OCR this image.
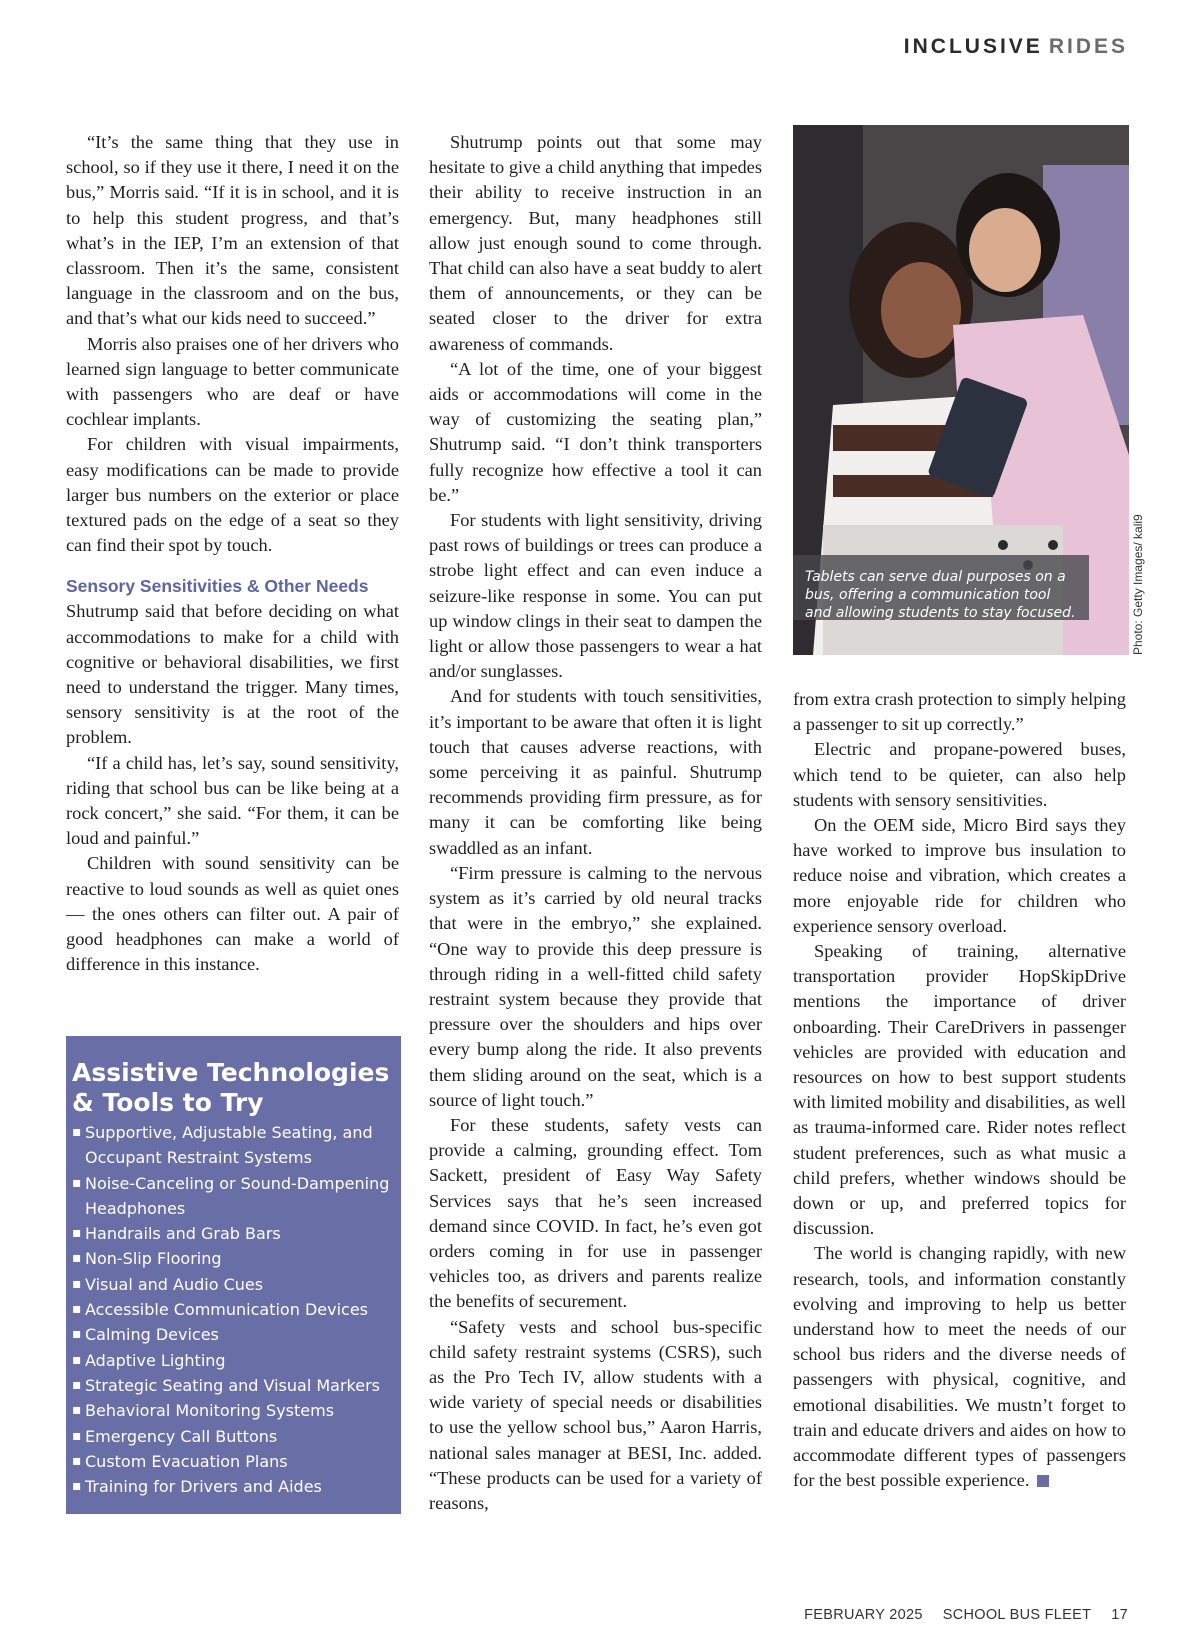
INCLUSIVE RIDES

“It’s the same thing that they use in school, so if they use it there, I need it on the bus,” Morris said. “If it is in school, and it is to help this student progress, and that’s what’s in the IEP, I’m an extension of that classroom. Then it’s the same, consistent language in the classroom and on the bus, and that’s what our kids need to succeed.”

Morris also praises one of her drivers who learned sign language to better communicate with passengers who are deaf or have cochlear implants.

For children with visual impairments, easy modifications can be made to provide larger bus numbers on the exterior or place textured pads on the edge of a seat so they can find their spot by touch.

Sensory Sensitivities & Other Needs

Shutrump said that before deciding on what accommodations to make for a child with cognitive or behavioral disabilities, we first need to understand the trigger. Many times, sensory sensitivity is at the root of the problem.

“If a child has, let’s say, sound sensitivity, riding that school bus can be like being at a rock concert,” she said. “For them, it can be loud and painful.”

Children with sound sensitivity can be reactive to loud sounds as well as quiet ones — the ones others can filter out. A pair of good headphones can make a world of difference in this instance.

Assistive Technologies & Tools to Try
▪ Supportive, Adjustable Seating, and Occupant Restraint Systems
▪ Noise-Canceling or Sound-Dampening Headphones
▪ Handrails and Grab Bars
▪ Non-Slip Flooring
▪ Visual and Audio Cues
▪ Accessible Communication Devices
▪ Calming Devices
▪ Adaptive Lighting
▪ Strategic Seating and Visual Markers
▪ Behavioral Monitoring Systems
▪ Emergency Call Buttons
▪ Custom Evacuation Plans
▪ Training for Drivers and Aides

Shutrump points out that some may hesitate to give a child anything that impedes their ability to receive instruction in an emergency. But, many headphones still allow just enough sound to come through. That child can also have a seat buddy to alert them of announcements, or they can be seated closer to the driver for extra awareness of commands.

“A lot of the time, one of your biggest aids or accommodations will come in the way of customizing the seating plan,” Shutrump said. “I don’t think transporters fully recognize how effective a tool it can be.”

For students with light sensitivity, driving past rows of buildings or trees can produce a strobe light effect and can even induce a seizure-like response in some. You can put up window clings in their seat to dampen the light or allow those passengers to wear a hat and/or sunglasses.

And for students with touch sensitivities, it’s important to be aware that often it is light touch that causes adverse reactions, with some perceiving it as painful. Shutrump recommends providing firm pressure, as for many it can be comforting like being swaddled as an infant.

“Firm pressure is calming to the nervous system as it’s carried by old neural tracks that were in the embryo,” she explained. “One way to provide this deep pressure is through riding in a well-fitted child safety restraint system because they provide that pressure over the shoulders and hips over every bump along the ride. It also prevents them sliding around on the seat, which is a source of light touch.”

For these students, safety vests can provide a calming, grounding effect. Tom Sackett, president of Easy Way Safety Services says that he’s seen increased demand since COVID. In fact, he’s even got orders coming in for use in passenger vehicles too, as drivers and parents realize the benefits of securement.

“Safety vests and school bus-specific child safety restraint systems (CSRS), such as the Pro Tech IV, allow students with a wide variety of special needs or disabilities to use the yellow school bus,” Aaron Harris, national sales manager at BESI, Inc. added. “These products can be used for a variety of reasons,

Tablets can serve dual purposes on a bus, offering a communication tool and allowing students to stay focused.	Photo: Getty Images/ kali9

from extra crash protection to simply helping a passenger to sit up correctly.”

Electric and propane-powered buses, which tend to be quieter, can also help students with sensory sensitivities.

On the OEM side, Micro Bird says they have worked to improve bus insulation to reduce noise and vibration, which creates a more enjoyable ride for children who experience sensory overload.

Speaking of training, alternative transportation provider HopSkipDrive mentions the importance of driver onboarding. Their CareDrivers in passenger vehicles are provided with education and resources on how to best support students with limited mobility and disabilities, as well as trauma-informed care. Rider notes reflect student preferences, such as what music a child prefers, whether windows should be down or up, and preferred topics for discussion.

The world is changing rapidly, with new research, tools, and information constantly evolving and improving to help us better understand how to meet the needs of our school bus riders and the diverse needs of passengers with physical, cognitive, and emotional disabilities. We mustn’t forget to train and educate drivers and aides on how to accommodate different types of passengers for the best possible experience.

FEBRUARY 2025 SCHOOL BUS FLEET 17
